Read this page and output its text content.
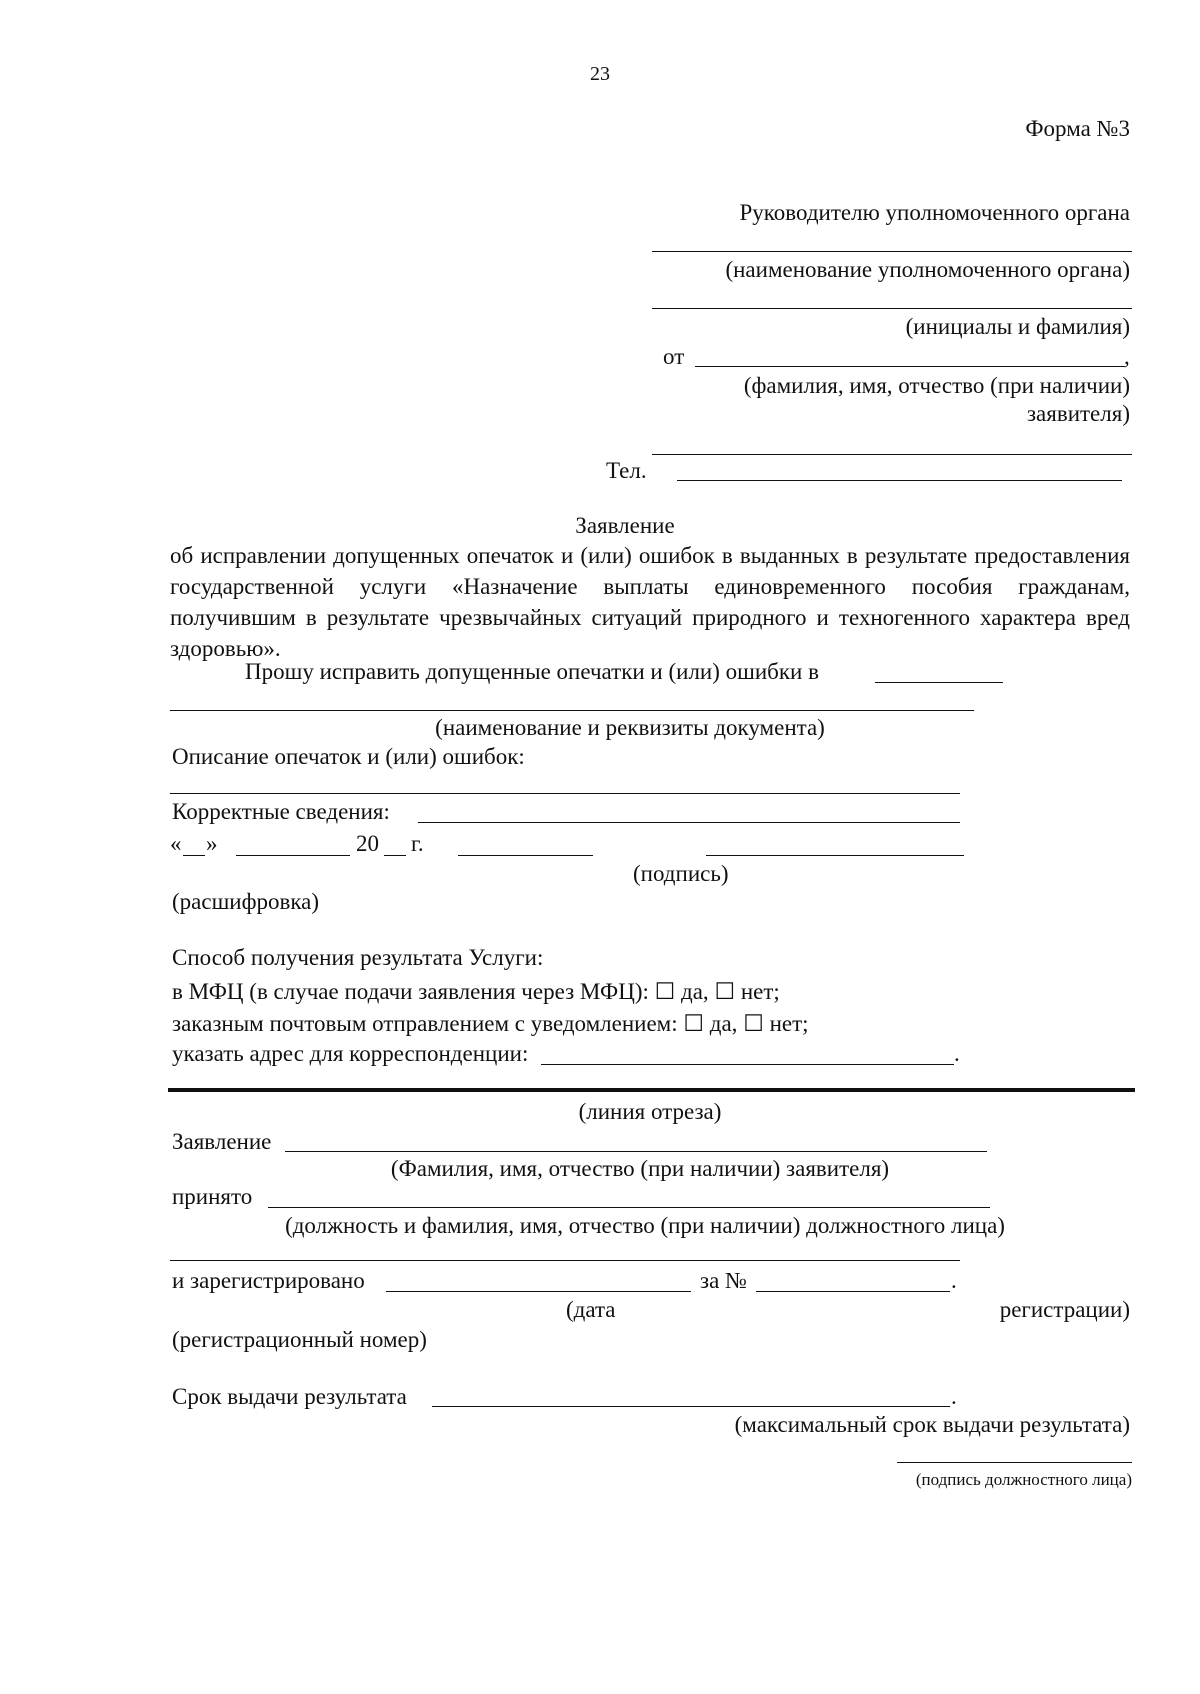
23
Форма №3
Руководителю уполномоченного органа
(наименование уполномоченного органа)
(инициалы и фамилия)
от	,
(фамилия, имя, отчество (при наличии)
заявителя)
Тел.
Заявление
об исправлении допущенных опечаток и (или) ошибок в выданных в результате предоставления государственной услуги «Назначение выплаты единовременного пособия гражданам, получившим в результате чрезвычайных ситуаций природного и техногенного характера вред здоровью».
Прошу исправить допущенные опечатки и (или) ошибки в
(наименование и реквизиты документа)
Описание опечаток и (или) ошибок:
Корректные сведения:
« »	20 г.
(подпись)
(расшифровка)
Способ получения результата Услуги:
в МФЦ (в случае подачи заявления через МФЦ): ☐ да, ☐ нет;
заказным почтовым отправлением с уведомлением: ☐ да, ☐ нет;
указать адрес для корреспонденции:	.
(линия отреза)
Заявление
(Фамилия, имя, отчество (при наличии) заявителя)
принято
(должность и фамилия, имя, отчество (при наличии) должностного лица)
и зарегистрировано	за №	.
(дата	регистрации)
(регистрационный номер)
Срок выдачи результата	.
(максимальный срок выдачи результата)
(подпись должностного лица)
